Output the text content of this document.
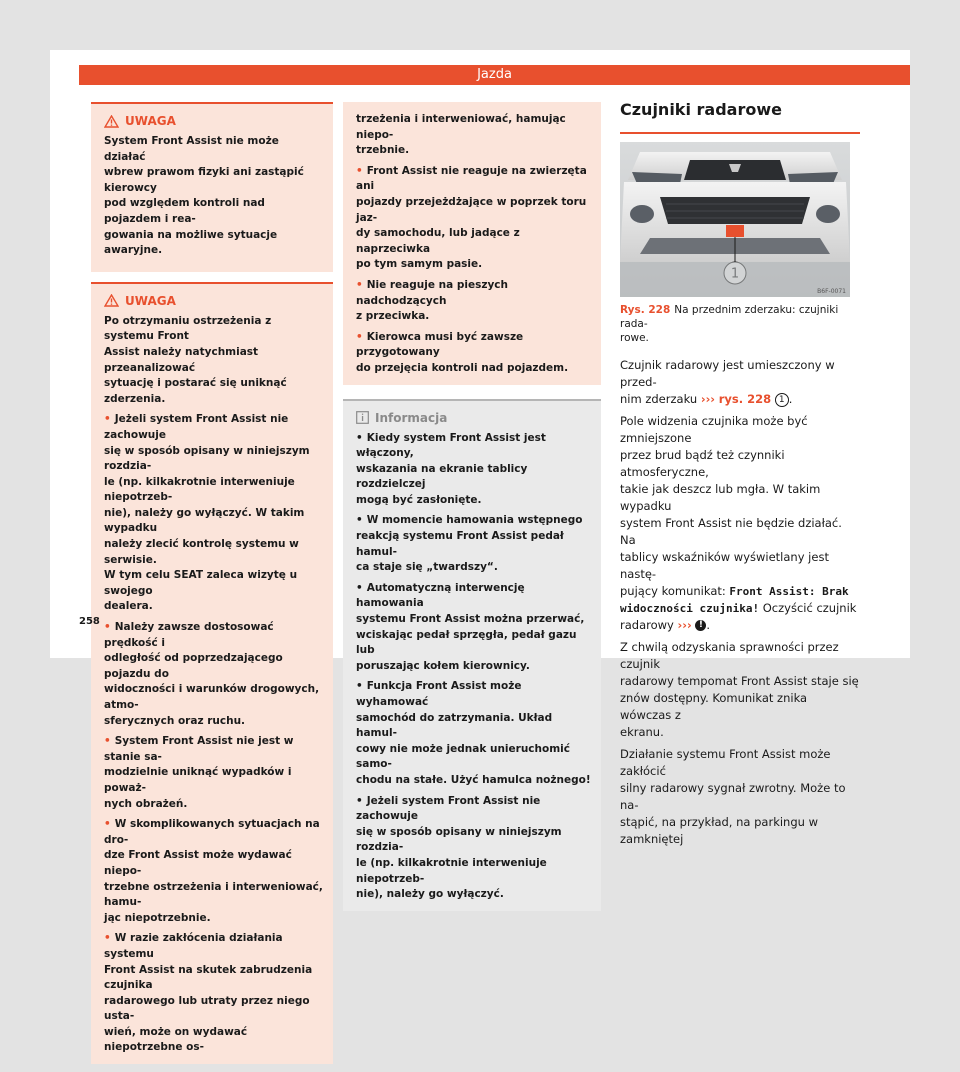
Jazda
UWAGA
System Front Assist nie może działać
wbrew prawom fizyki ani zastąpić kierowcy
pod względem kontroli nad pojazdem i rea-
gowania na możliwe sytuacje awaryjne.
UWAGA
Po otrzymaniu ostrzeżenia z systemu Front
Assist należy natychmiast przeanalizować
sytuację i postarać się uniknąć zderzenia.
• Jeżeli system Front Assist nie zachowuje
się w sposób opisany w niniejszym rozdzia-
le (np. kilkakrotnie interweniuje niepotrzeb-
nie), należy go wyłączyć. W takim wypadku
należy zlecić kontrolę systemu w serwisie.
W tym celu SEAT zaleca wizytę u swojego
dealera.
• Należy zawsze dostosować prędkość i
odległość od poprzedzającego pojazdu do
widoczności i warunków drogowych, atmo-
sferycznych oraz ruchu.
• System Front Assist nie jest w stanie sa-
modzielnie uniknąć wypadków i poważ-
nych obrażeń.
• W skomplikowanych sytuacjach na dro-
dze Front Assist może wydawać niepo-
trzebne ostrzeżenia i interweniować, hamu-
jąc niepotrzebnie.
• W razie zakłócenia działania systemu
Front Assist na skutek zabrudzenia czujnika
radarowego lub utraty przez niego usta-
wień, może on wydawać niepotrzebne os-
trzeżenia i interweniować, hamując niepo-
trzebnie.
• Front Assist nie reaguje na zwierzęta ani
pojazdy przejeżdżające w poprzek toru jaz-
dy samochodu, lub jadące z naprzeciwka
po tym samym pasie.
• Nie reaguje na pieszych nadchodzących
z przeciwka.
• Kierowca musi być zawsze przygotowany
do przejęcia kontroli nad pojazdem.
Informacja
• Kiedy system Front Assist jest włączony,
wskazania na ekranie tablicy rozdzielczej
mogą być zasłonięte.
• W momencie hamowania wstępnego
reakcją systemu Front Assist pedał hamul-
ca staje się „twardszy“.
• Automatyczną interwencję hamowania
systemu Front Assist można przerwać,
wciskając pedał sprzęgła, pedał gazu lub
poruszając kołem kierownicy.
• Funkcja Front Assist może wyhamować
samochód do zatrzymania. Układ hamul-
cowy nie może jednak unieruchomić samo-
chodu na stałe. Użyć hamulca nożnego!
• Jeżeli system Front Assist nie zachowuje
się w sposób opisany w niniejszym rozdzia-
le (np. kilkakrotnie interweniuje niepotrzeb-
nie), należy go wyłączyć.
Czujniki radarowe
B6F-0071
Rys. 228 Na przednim zderzaku: czujniki rada-
rowe.
Czujnik radarowy jest umieszczony w przed-
nim zderzaku ››› rys. 228 1 .
Pole widzenia czujnika może być zmniejszone
przez brud bądź też czynniki atmosferyczne,
takie jak deszcz lub mgła. W takim wypadku
system Front Assist nie będzie działać. Na
tablicy wskaźników wyświetlany jest nastę-
pujący komunikat: Front Assist: Brak
widoczności czujnika! Oczyścić czujnik
radarowy ››› ! .
Z chwilą odzyskania sprawności przez czujnik
radarowy tempomat Front Assist staje się
znów dostępny. Komunikat znika wówczas z
ekranu.
Działanie systemu Front Assist może zakłócić
silny radarowy sygnał zwrotny. Może to na-
stąpić, na przykład, na parkingu w zamkniętej
258
